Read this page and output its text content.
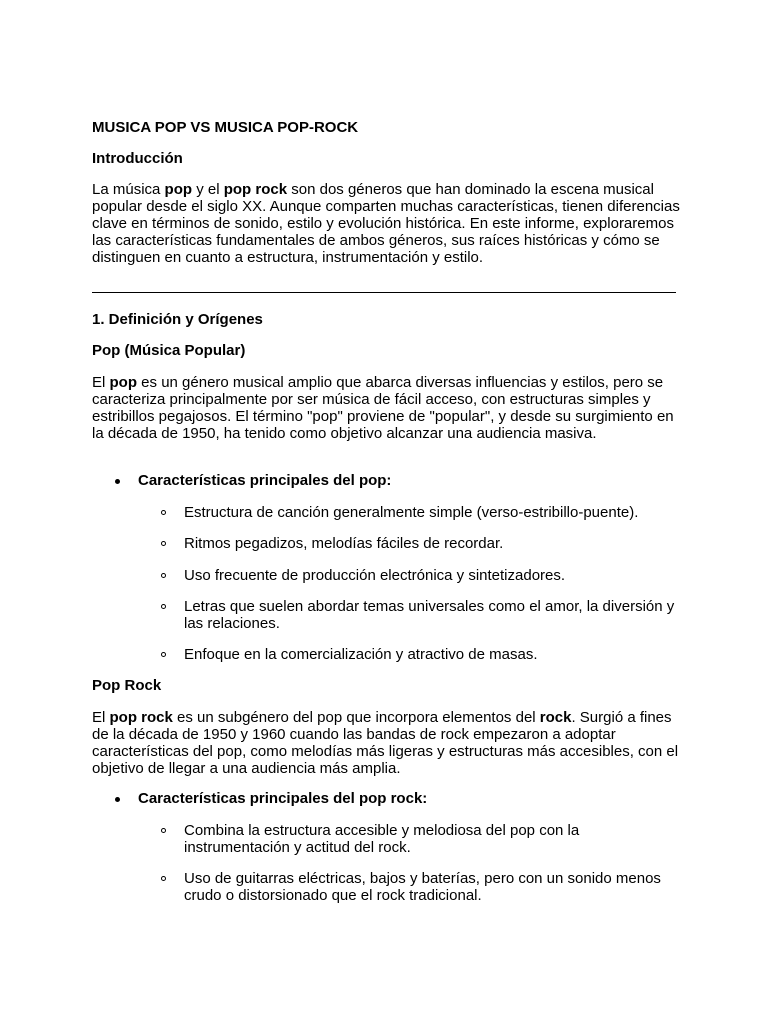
MUSICA POP VS MUSICA POP-ROCK
Introducción

La música pop y el pop rock son dos géneros que han dominado la escena musical popular desde el siglo XX. Aunque comparten muchas características, tienen diferencias clave en términos de sonido, estilo y evolución histórica. En este informe, exploraremos las características fundamentales de ambos géneros, sus raíces históricas y cómo se distinguen en cuanto a estructura, instrumentación y estilo.

1. Definición y Orígenes
Pop (Música Popular)

El pop es un género musical amplio que abarca diversas influencias y estilos, pero se caracteriza principalmente por ser música de fácil acceso, con estructuras simples y estribillos pegajosos. El término "pop" proviene de "popular", y desde su surgimiento en la década de 1950, ha tenido como objetivo alcanzar una audiencia masiva.

Características principales del pop:
Estructura de canción generalmente simple (verso-estribillo-puente).
Ritmos pegadizos, melodías fáciles de recordar.
Uso frecuente de producción electrónica y sintetizadores.
Letras que suelen abordar temas universales como el amor, la diversión y las relaciones.
Enfoque en la comercialización y atractivo de masas.
Pop Rock

El pop rock es un subgénero del pop que incorpora elementos del rock. Surgió a fines de la década de 1950 y 1960 cuando las bandas de rock empezaron a adoptar características del pop, como melodías más ligeras y estructuras más accesibles, con el objetivo de llegar a una audiencia más amplia.

Características principales del pop rock:
Combina la estructura accesible y melodiosa del pop con la instrumentación y actitud del rock.
Uso de guitarras eléctricas, bajos y baterías, pero con un sonido menos crudo o distorsionado que el rock tradicional.
